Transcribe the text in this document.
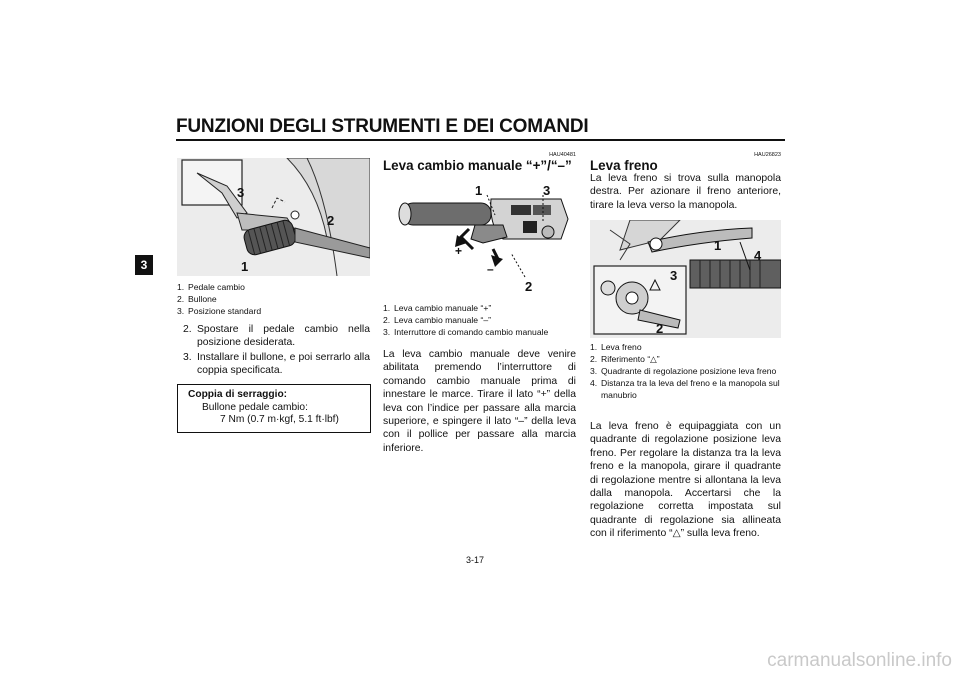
FUNZIONI DEGLI STRUMENTI E DEI COMANDI
3
3
2
1
1. Pedale cambio
2. Bullone
3. Posizione standard
2. Spostare il pedale cambio nella posizione desiderata.
3. Installare il bullone, e poi serrarlo alla coppia specificata.
Coppia di serraggio:
Bullone pedale cambio:
7 Nm (0.7 m·kgf, 5.1 ft·lbf)
HAU40481
Leva cambio manuale “+”/“–”
+
–
1	3
2
1. Leva cambio manuale “+”
2. Leva cambio manuale “–”
3. Interruttore di comando cambio manuale
La leva cambio manuale deve venire abilitata premendo l’interruttore di comando cambio manuale prima di innestare le marce. Tirare il lato “+” della leva con l’indice per passare alla marcia superiore, e spingere il lato “–” della leva con il pollice per passare alla marcia inferiore.
HAU26823
Leva freno
La leva freno si trova sulla manopola destra. Per azionare il freno anteriore, tirare la leva verso la manopola.
1
4
3
2
1. Leva freno
2. Riferimento “△”
3. Quadrante di regolazione posizione leva freno
4. Distanza tra la leva del freno e la manopola sul manubrio
La leva freno è equipaggiata con un quadrante di regolazione posizione leva freno. Per regolare la distanza tra la leva freno e la manopola, girare il quadrante di regolazione mentre si allontana la leva dalla manopola. Accertarsi che la regolazione corretta impostata sul quadrante di regolazione sia allineata con il riferimento “△” sulla leva freno.
3-17
carmanualsonline.info
